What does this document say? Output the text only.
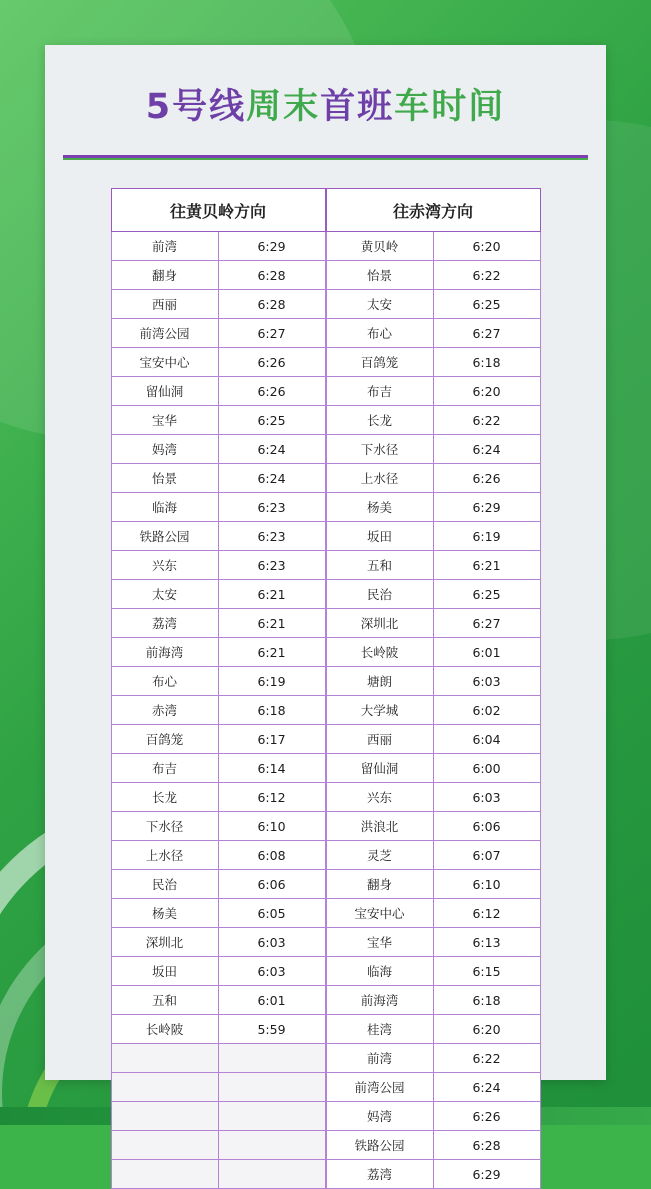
5号线周末首班车时间
往黄贝岭方向	
前湾	6:29
翻身	6:28
西丽	6:28
前湾公园	6:27
宝安中心	6:26
留仙洞	6:26
宝华	6:25
妈湾	6:24
怡景	6:24
临海	6:23
铁路公园	6:23
兴东	6:23
太安	6:21
荔湾	6:21
前海湾	6:21
布心	6:19
赤湾	6:18
百鸽笼	6:17
布吉	6:14
长龙	6:12
下水径	6:10
上水径	6:08
民治	6:06
杨美	6:05
深圳北	6:03
坂田	6:03
五和	6:01
长岭陂	5:59

往赤湾方向	
黄贝岭	6:20
怡景	6:22
太安	6:25
布心	6:27
百鸽笼	6:18
布吉	6:20
长龙	6:22
下水径	6:24
上水径	6:26
杨美	6:29
坂田	6:19
五和	6:21
民治	6:25
深圳北	6:27
长岭陂	6:01
塘朗	6:03
大学城	6:02
西丽	6:04
留仙洞	6:00
兴东	6:03
洪浪北	6:06
灵芝	6:07
翻身	6:10
宝安中心	6:12
宝华	6:13
临海	6:15
前海湾	6:18
桂湾	6:20
前湾	6:22
前湾公园	6:24
妈湾	6:26
铁路公园	6:28
荔湾	6:29
